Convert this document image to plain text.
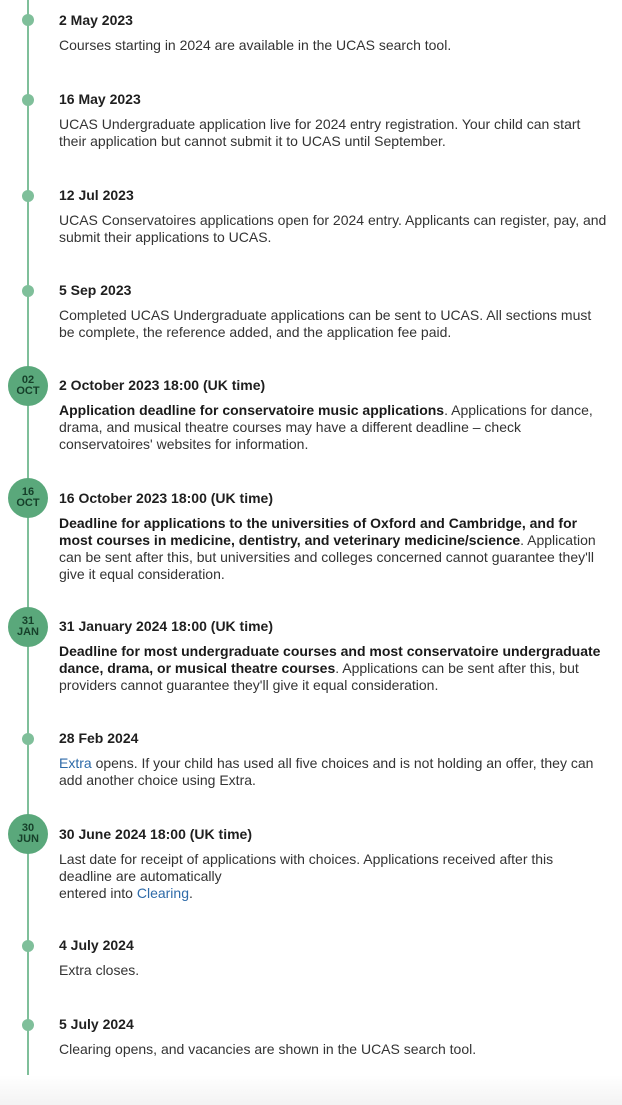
2 May 2023
Courses starting in 2024 are available in the UCAS search tool.
16 May 2023
UCAS Undergraduate application live for 2024 entry registration. Your child can start their application but cannot submit it to UCAS until September.
12 Jul 2023
UCAS Conservatoires applications open for 2024 entry. Applicants can register, pay, and submit their applications to UCAS.
5 Sep 2023
Completed UCAS Undergraduate applications can be sent to UCAS. All sections must be complete, the reference added, and the application fee paid.
02
OCT 2 October 2023 18:00 (UK time)
Application deadline for conservatoire music applications. Applications for dance, drama, and musical theatre courses may have a different deadline – check conservatoires' websites for information.
16
OCT 16 October 2023 18:00 (UK time)
Deadline for applications to the universities of Oxford and Cambridge, and for most courses in medicine, dentistry, and veterinary medicine/science. Application can be sent after this, but universities and colleges concerned cannot guarantee they'll give it equal consideration.
31
JAN 31 January 2024 18:00 (UK time)
Deadline for most undergraduate courses and most conservatoire undergraduate dance, drama, or musical theatre courses. Applications can be sent after this, but providers cannot guarantee they'll give it equal consideration.
28 Feb 2024
Extra opens. If your child has used all five choices and is not holding an offer, they can add another choice using Extra.
30
JUN 30 June 2024 18:00 (UK time)
Last date for receipt of applications with choices. Applications received after this deadline are automatically
entered into Clearing.
4 July 2024
Extra closes.
5 July 2024
Clearing opens, and vacancies are shown in the UCAS search tool.
